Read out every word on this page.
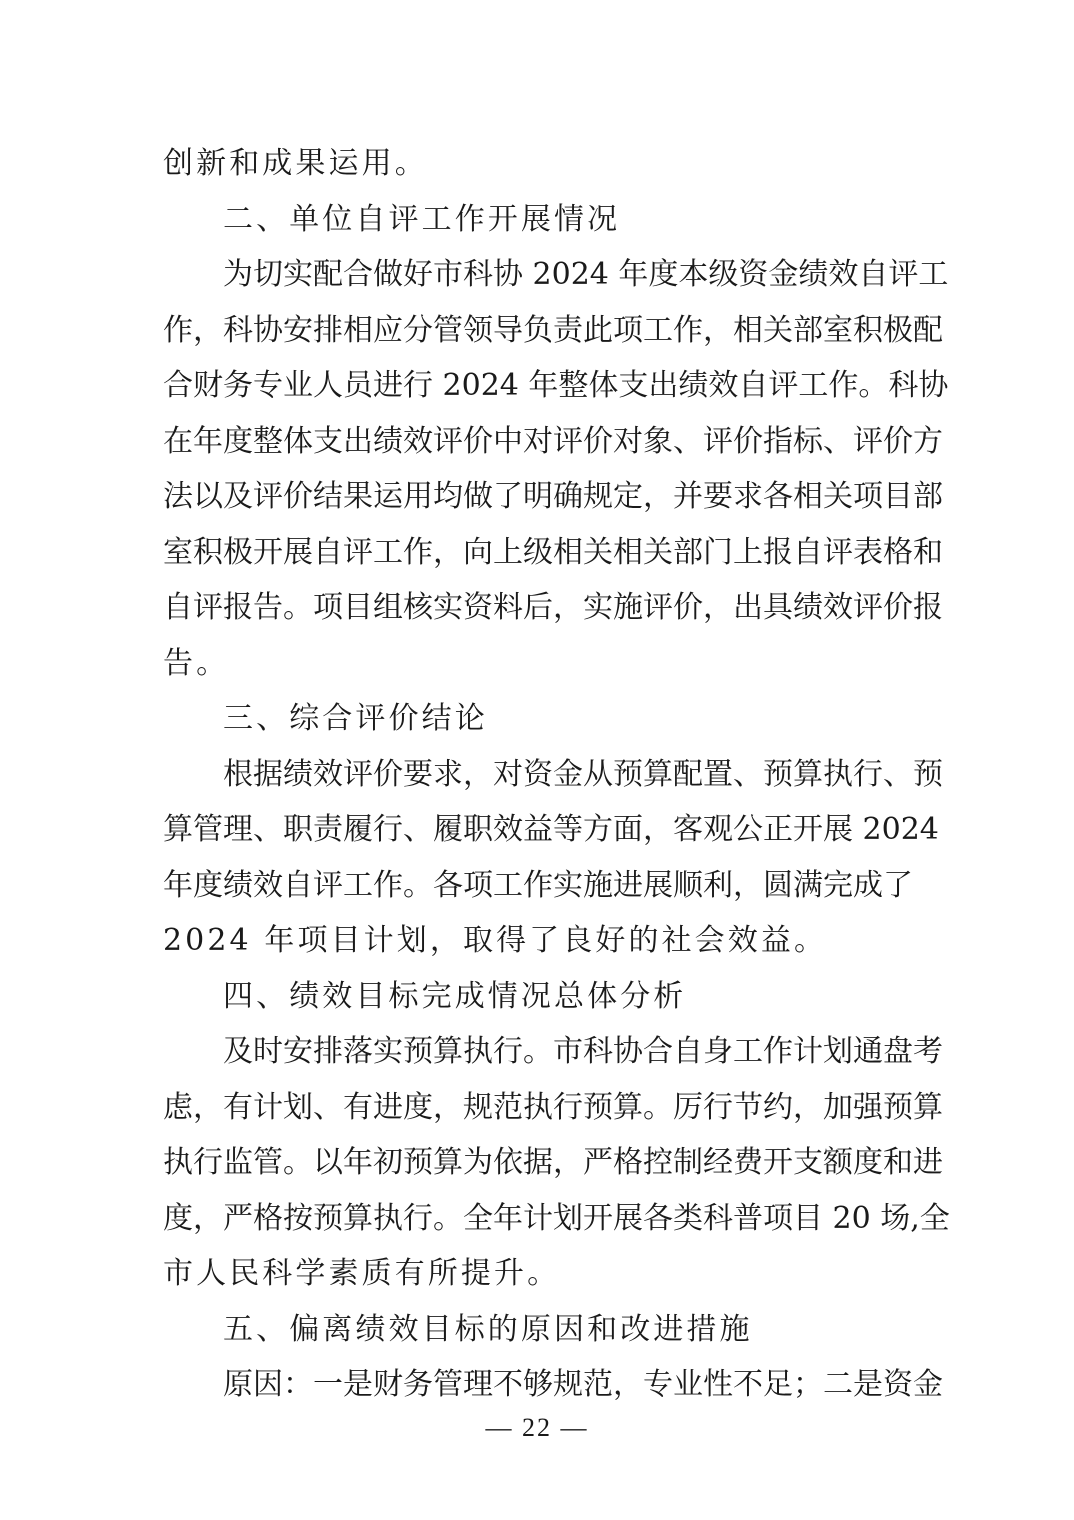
创新和成果运用。
二、单位自评工作开展情况
为切实配合做好市科协 2024 年度本级资金绩效自评工
作，科协安排相应分管领导负责此项工作，相关部室积极配
合财务专业人员进行 2024 年整体支出绩效自评工作。科协
在年度整体支出绩效评价中对评价对象、评价指标、评价方
法以及评价结果运用均做了明确规定，并要求各相关项目部
室积极开展自评工作，向上级相关相关部门上报自评表格和
自评报告。项目组核实资料后，实施评价，出具绩效评价报
告。
三、综合评价结论
根据绩效评价要求，对资金从预算配置、预算执行、预
算管理、职责履行、履职效益等方面，客观公正开展 2024
年度绩效自评工作。各项工作实施进展顺利，圆满完成了
2024 年项目计划，取得了良好的社会效益。
四、绩效目标完成情况总体分析
及时安排落实预算执行。市科协合自身工作计划通盘考
虑，有计划、有进度，规范执行预算。厉行节约，加强预算
执行监管。以年初预算为依据，严格控制经费开支额度和进
度，严格按预算执行。全年计划开展各类科普项目 20 场,全
市人民科学素质有所提升。
五、偏离绩效目标的原因和改进措施
原因：一是财务管理不够规范，专业性不足；二是资金
— 22 —
